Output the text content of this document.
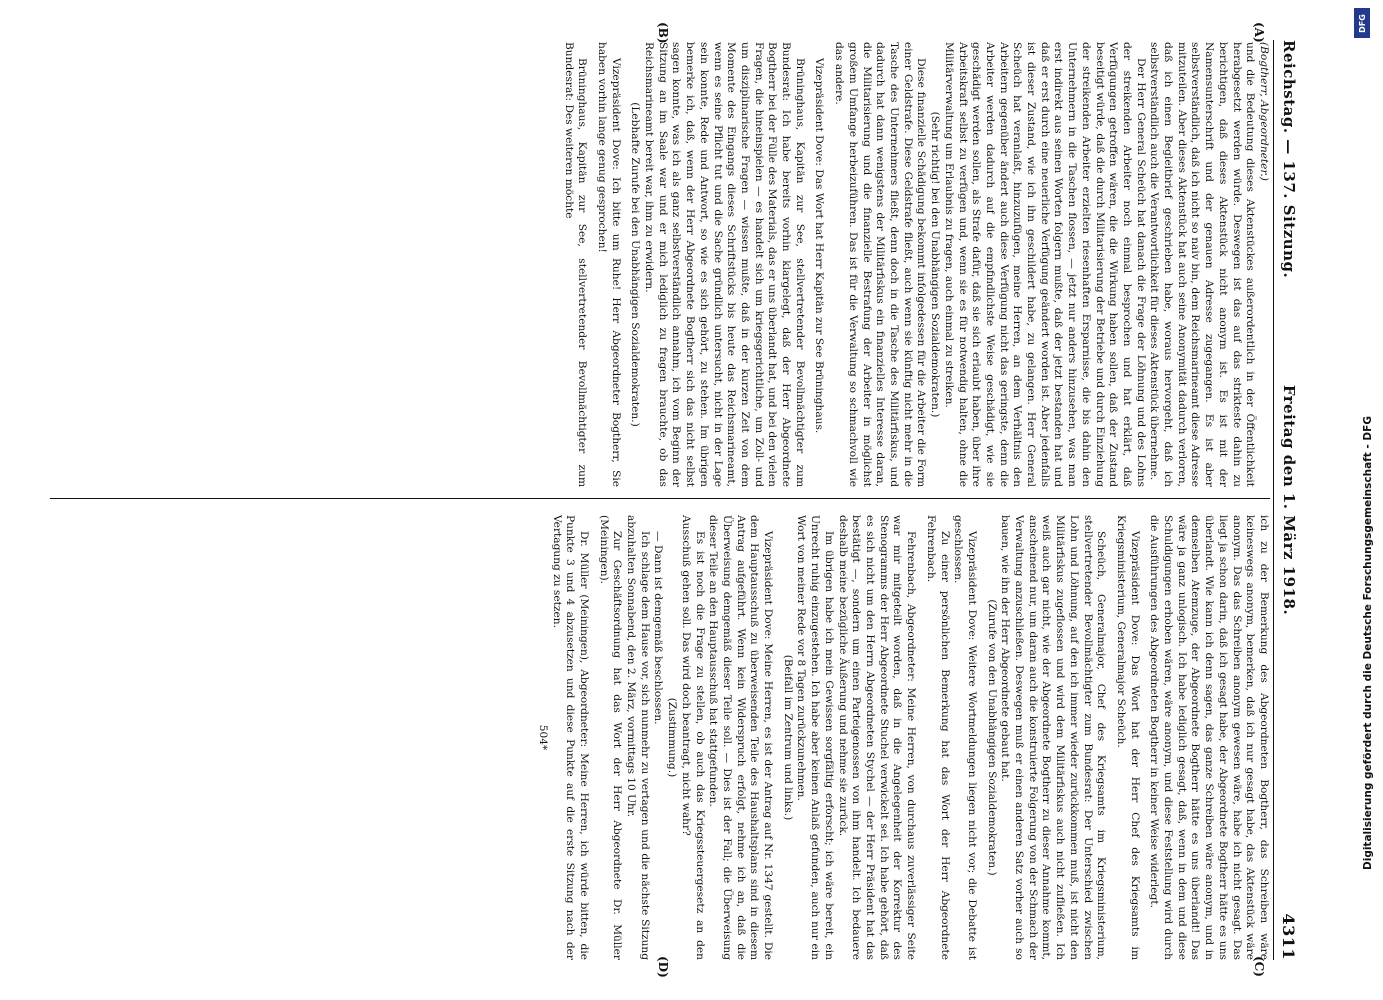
Reichstag. — 137. Sitzung.
Freitag den 1. März 1918.
4311
(A)
(B)
(C)
(D)

(Bogtherr, Abgeordneter.)

und die Bedeutung dieses Aktenstückes außerordentlich in der Öffentlichkeit herabgesetzt werden würde. Deswegen ist das auf das strikteste dahin zu berichtigen, daß dieses Aktenstück nicht anonym ist. Es ist mit der Namensunterschrift und der genauen Adresse zugegangen. Es ist aber selbstverständlich, daß ich nicht so naiv bin, dem Reichsmarineamt diese Adresse mitzuteilen. Aber dieses Aktenstück hat auch seine Anonymität dadurch verloren, daß ich einen Begleitbrief geschrieben habe, woraus hervorgeht, daß ich selbstverständlich auch die Verantwortlichkeit für dieses Aktenstück übernehme.

Der Herr General Scheüch hat danach die Frage der Löhnung und des Lohns der streikenden Arbeiter noch einmal besprochen und hat erklärt, daß Verfügungen getroffen wären, die die Wirkung haben sollen, daß der Zustand beseitigt würde, daß die durch Militarisierung der Betriebe und durch Einziehung der streikenden Arbeiter erzielten riesenhaften Ersparnisse, die bis dahin den Unternehmern in die Taschen flossen, — jetzt nur anders hinzusehen, was man erst indirekt aus seinen Worten folgern mußte, daß der jetzt bestanden hat und daß er erst durch eine neuerliche Verfügung geändert worden ist. Aber jedenfalls ist dieser Zustand, wie ich ihn geschildert habe, zu gelangen. Herr General Scheüch hat veranlaßt, hinzuzufügen, meine Herren, an dem Verhältnis den Arbeitern gegenüber ändert auch diese Verfügung nicht das geringste, denn die Arbeiter werden dadurch auf die empfindlichste Weise geschädigt, wie sie geschädigt werden sollen, als Strafe dafür, daß sie sich erlaubt haben, über ihre Arbeitskraft selbst zu verfügen und, wenn sie es für notwendig halten, ohne die Militärverwaltung um Erlaubnis zu fragen, auch einmal zu streiken.

(Sehr richtig! bei den Unabhängigen Sozialdemokraten.)

Diese finanzielle Schädigung bekommt infolgedessen für die Arbeiter die Form einer Geldstrafe. Diese Geldstrafe fließt, auch wenn sie künftig nicht mehr in die Tasche des Unternehmers fließt, denn doch in die Tasche des Militärfiskus, und dadurch hat dann wenigstens der Militärfiskus ein finanzielles Interesse daran, die Militarisierung und die finanzielle Bestrafung der Arbeiter in möglichst großem Umfange herbeizuführen. Das ist für die Verwaltung so schmachvoll wie das andere.

Vizepräsident Dove: Das Wort hat Herr Kapitän zur See Brüninghaus.

Brüninghaus, Kapitän zur See, stellvertretender Bevollmächtigter zum Bundesrat: Ich habe bereits vorhin klargelegt, daß der Herr Abgeordnete Bogtherr bei der Fülle des Materials, das er uns überlandt hat, und bei den vielen Fragen, die hineinspielen — es handelt sich um kriegsgerichtliche, um Zoll- und um disziplinarische Fragen — wissen mußte, daß in der kurzen Zeit von dem Momente des Eingangs dieses Schriftstücks bis heute das Reichsmarineamt, wenn es seine Pflicht tut und die Sache gründlich untersucht, nicht in der Lage sein konnte, Rede und Antwort, so wie es sich gehört, zu stehen. Im übrigen bemerke ich, daß, wenn der Herr Abgeordnete Bogtherr sich das nicht selbst sagen konnte, was ich als ganz selbstverständlich annahm, ich vom Beginn der Sitzung an im Saale war und er mich lediglich zu fragen brauchte, ob das Reichsmarineamt bereit war, ihm zu erwidern.

(Lebhafte Zurufe bei den Unabhängigen Sozialdemokraten.)

Vizepräsident Dove: Ich bitte um Ruhe! Herr Abgeordneter Bogtherr, Sie haben vorhin lange genug gesprochen!

Brüninghaus, Kapitän zur See, stellvertretender Bevollmächtigter zum Bundesrat: Des weiteren möchte

ich zu der Bemerkung des Abgeordneten Bogtherr, das Schreiben wäre keineswegs anonym, bemerken, daß ich nur gesagt habe, das Aktenstück wäre anonym. Das das Schreiben anonym gewesen wäre, habe ich nicht gesagt. Das liegt ja schon darin, daß ich gesagt habe, der Abgeordnete Bogtherr hätte es uns überlandt. Wie kann ich denn sagen, das ganze Schreiben wäre anonym, und in demselben Atemzuge, der Abgeordnete Bogtherr hätte es uns überlandt! Das wäre ja ganz unlogisch. Ich habe lediglich gesagt, daß, wenn in dem und diese Schuldigungen erhoben wären, wäre anonym, und diese Feststellung wird durch die Ausführungen des Abgeordneten Bogtherr in keiner Weise widerlegt.

Vizepräsident Dove: Das Wort hat der Herr Chef des Kriegsamts im Kriegsministerium, Generalmajor Scheüch.

Scheüch, Generalmajor, Chef des Kriegsamts im Kriegsministerium, stellvertretender Bevollmächtigter zum Bundesrat: Der Unterschied zwischen Lohn und Löhnung, auf den ich immer wieder zurückkommen muß, ist nicht den Militärfiskus zugeflossen und wird dem Militärfiskus auch nicht zufließen. Ich weiß auch gar nicht, wie der Abgeordnete Bogtherr zu dieser Annahme kommt, anscheinend nur, um daran auch die konstruierte Folgerung von der Schmach der Verwaltung anzuschließen. Deswegen muß er einen anderen Satz vorher auch so bauen, wie ihn der Herr Abgeordnete gebaut hat.

(Zurufe von den Unabhängigen Sozialdemokraten.)

Vizepräsident Dove: Weitere Wortmeldungen liegen nicht vor; die Debatte ist geschlossen.

Zu einer persönlichen Bemerkung hat das Wort der Herr Abgeordnete Fehrenbach.

Fehrenbach, Abgeordneter: Meine Herren, von durchaus zuverlässiger Seite war mir mitgeteilt worden, daß in die Angelegenheit der Korrektur des Stenogramms der Herr Abgeordnete Stuchel verwickelt sei. Ich habe gehört, daß es sich nicht um den Herrn Abgeordneten Stychel — der Herr Präsident hat das bestätigt —, sondern um einen Parteigenossen von ihm handelt. Ich bedauere deshalb meine bezügliche Äußerung und nehme sie zurück.

Im übrigen habe ich mein Gewissen sorgfältig erforscht; ich wäre bereit, ein Unrecht ruhig einzugestehen. Ich habe aber keinen Anlaß gefunden, auch nur ein Wort von meiner Rede vor 8 Tagen zurückzunehmen.

(Beifall im Zentrum und links.)

Vizepräsident Dove: Meine Herren, es ist der Antrag auf Nr. 1347 gestellt. Die dem Hauptausschuß zu überweisenden Teile des Haushaltsplans sind in diesem Antrag aufgeführt. Wenn kein Widerspruch erfolgt, nehme ich an, daß die Überweisung demgemäß dieser Teile soll. — Dies ist der Fall; die Überweisung dieser Teile an den Hauptausschuß hat stattgefunden.

Es ist noch die Frage zu stellen, ob auch das Kriegssteuergesetz an den Ausschuß gehen soll. Das wird doch beantragt, nicht wahr?

(Zustimmung.)

— Dann ist demgemäß beschlossen.

Ich schlage dem Hause vor, sich nunmehr zu vertagen und die nächste Sitzung abzuhalten Sonnabend, den 2. März, vormittags 10 Uhr.

Zur Geschäftsordnung hat das Wort der Herr Abgeordnete Dr. Müller (Meiningen).

Dr. Müller (Meiningen), Abgeordneter: Meine Herren, ich würde bitten, die Punkte 3 und 4 abzusetzen und diese Punkte auf die erste Sitzung nach der Vertagung zu setzen.

504*

DFG
Digitalisierung gefördert durch die Deutsche Forschungsgemeinschaft - DFG
